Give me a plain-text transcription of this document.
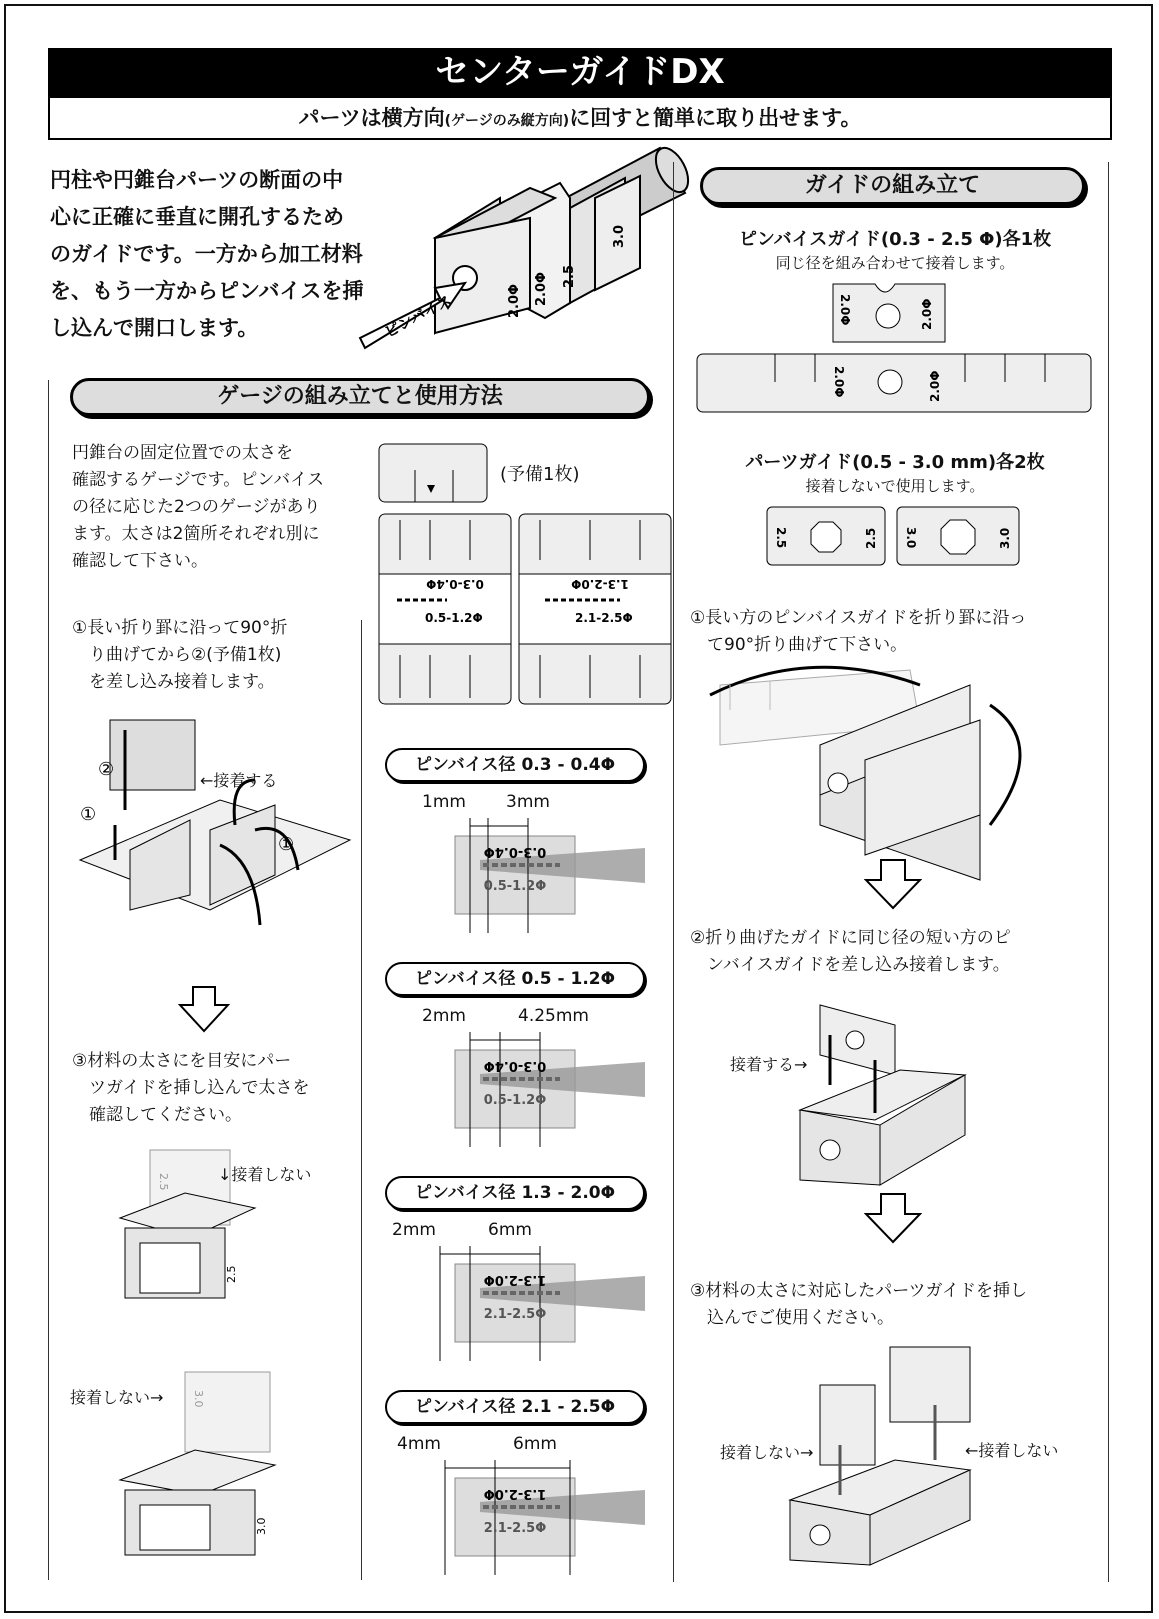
センターガイドDX
パーツは横方向(ゲージのみ縦方向)に回すと簡単に取り出せます。
円柱や円錐台パーツの断面の中
心に正確に垂直に開孔するため
のガイドです。一方から加工材料
を、もう一方からピンバイスを挿
し込んで開口します。	ピンバイス	2.0Φ 2.0Φ 2.5
3.0
ゲージの組み立てと使用方法
円錐台の固定位置での太さを
確認するゲージです。ピンバイス
の径に応じた2つのゲージがあり
ます。太さは2箇所それぞれ別に
確認して下さい。
0.3-0.4Φ
0.5-1.2Φ
1.3-2.0Φ
2.1-2.5Φ
(予備1枚)
①長い折り罫に沿って90°折
　り曲げてから②(予備1枚)
　を差し込み接着します。
①
②
①
←接着する
③材料の太さにを目安にパー
　ツガイドを挿し込んで太さを
　確認してください。
2.5
2.5
↓接着しない
接着しない→	3.0
3.0
ピンバイス径 0.3 - 0.4Φ
1mm 3mm
0.3-0.4Φ
0.5-1.2Φ
ピンバイス径 0.5 - 1.2Φ
2mm	4.25mm
0.3-0.4Φ
0.5-1.2Φ
ピンバイス径 1.3 - 2.0Φ
2mm	6mm
1.3-2.0Φ
2.1-2.5Φ
ピンバイス径 2.1 - 2.5Φ
4mm	6mm
1.3-2.0Φ
2.1-2.5Φ
ガイドの組み立て
ピンバイスガイド(0.3 - 2.5 Φ)各1枚
同じ径を組み合わせて接着します。
2.0Φ	2.0Φ
2.0Φ	2.0Φ
パーツガイド(0.5 - 3.0 mm)各2枚
接着しないで使用します。
2.5	2.5 3.0	3.0
①長い方のピンバイスガイドを折り罫に沿っ
　て90°折り曲げて下さい。
②折り曲げたガイドに同じ径の短い方のピ
　ンバイスガイドを差し込み接着します。
接着する→
③材料の太さに対応したパーツガイドを挿し
　込んでご使用ください。
接着しない→	←接着しない
